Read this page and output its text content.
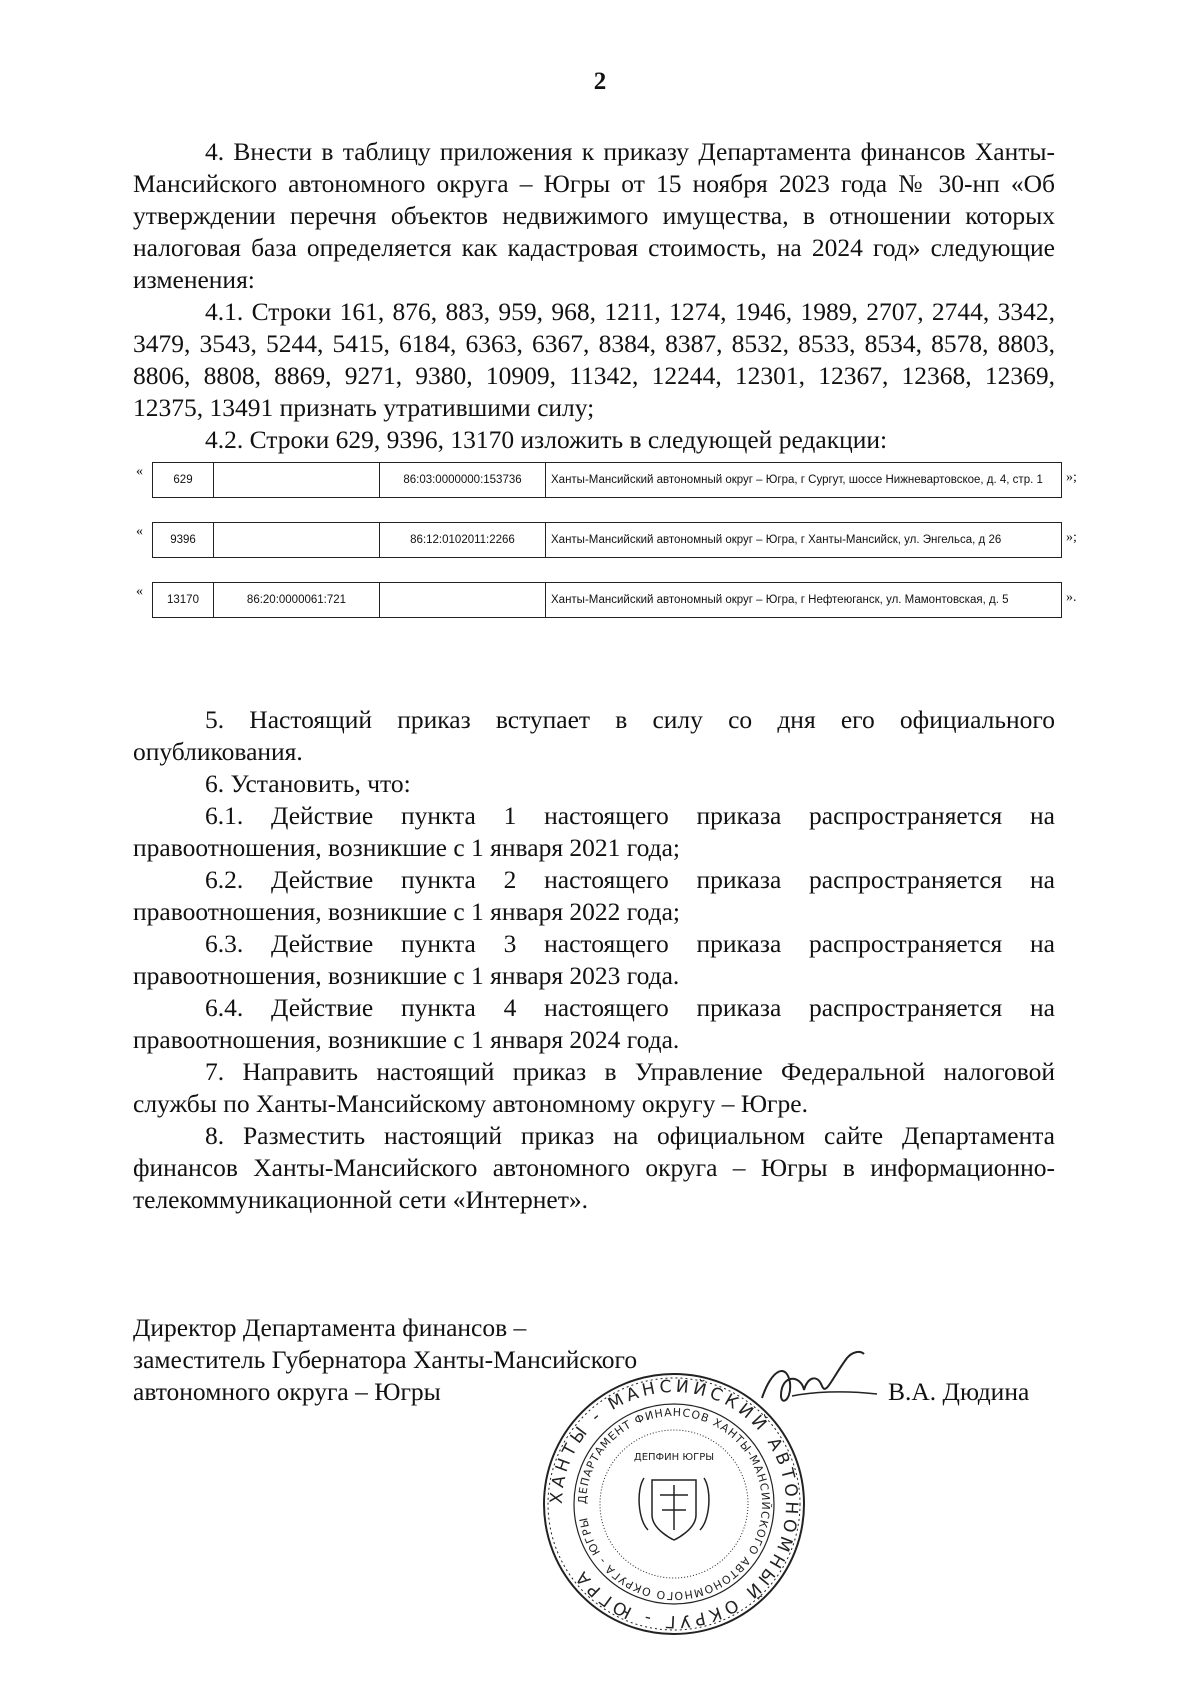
2

4. Внести в таблицу приложения к приказу Департамента финансов Ханты-Мансийского автономного округа – Югры от 15 ноября 2023 года № 30-нп «Об утверждении перечня объектов недвижимого имущества, в отношении которых налоговая база определяется как кадастровая стоимость, на 2024 год» следующие изменения:

4.1. Строки 161, 876, 883, 959, 968, 1211, 1274, 1946, 1989, 2707, 2744, 3342, 3479, 3543, 5244, 5415, 6184, 6363, 6367, 8384, 8387, 8532, 8533, 8534, 8578, 8803, 8806, 8808, 8869, 9271, 9380, 10909, 11342, 12244, 12301, 12367, 12368, 12369, 12375, 13491 признать утратившими силу;

4.2. Строки 629, 9396, 13170 изложить в следующей редакции:

«
629		86:03:0000000:153736	Ханты-Мансийский автономный округ – Югра, г Сургут, шоссе Нижневартовское, д. 4, стр. 1 »;
«
9396		86:12:0102011:2266	Ханты-Мансийский автономный округ – Югра, г Ханты-Мансийск, ул. Энгельса, д 26	»;
«
13170	86:20:0000061:721		Ханты-Мансийский автономный округ – Югра, г Нефтеюганск, ул. Мамонтовская, д. 5	».

5. Настоящий приказ вступает в силу со дня его официального опубликования.

6. Установить, что:

6.1. Действие пункта 1 настоящего приказа распространяется на правоотношения, возникшие с 1 января 2021 года;

6.2. Действие пункта 2 настоящего приказа распространяется на правоотношения, возникшие с 1 января 2022 года;

6.3. Действие пункта 3 настоящего приказа распространяется на правоотношения, возникшие с 1 января 2023 года.

6.4. Действие пункта 4 настоящего приказа распространяется на правоотношения, возникшие с 1 января 2024 года.

7. Направить настоящий приказ в Управление Федеральной налоговой службы по Ханты-Мансийскому автономному округу – Югре.

8. Разместить настоящий приказ на официальном сайте Департамента финансов Ханты-Мансийского автономного округа – Югры в информационно-телекоммуникационной сети «Интернет».

Директор Департамента финансов –
заместитель Губернатора Ханты-Мансийского
автономного округа – Югры	В.А. Дюдина
ХАНТЫ - МАНСИЙСКИЙ АВТОНОМНЫЙ ОКРУГ - ЮГРА
ДЕПАРТАМЕНТ ФИНАНСОВ ХАНТЫ-МАНСИЙСКОГО АВТОНОМНОГО ОКРУГА - ЮГРЫ
ДЕПФИН ЮГРЫ
